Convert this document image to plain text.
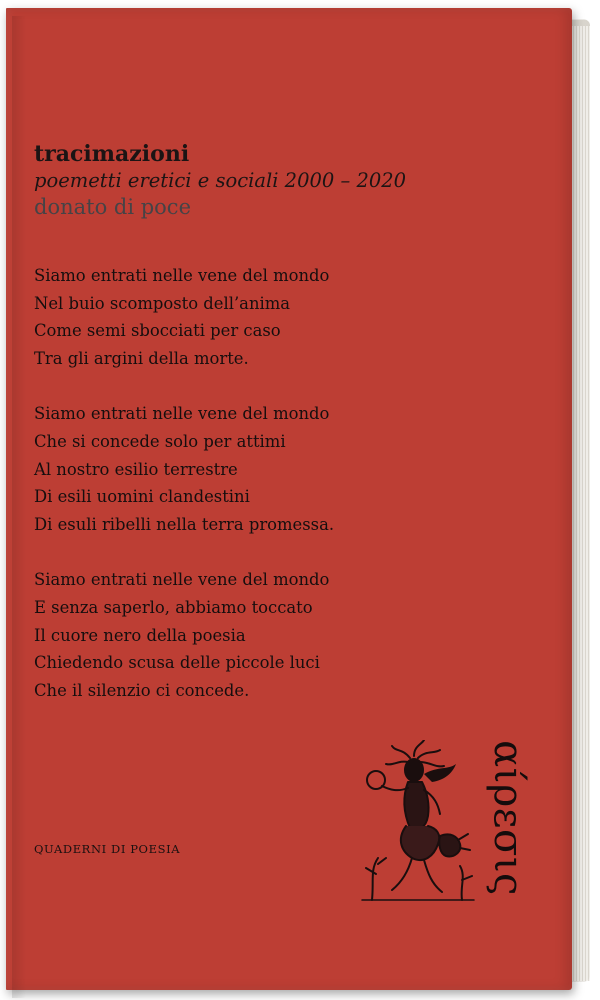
tracimazioni

poemetti eretici e sociali 2000 – 2020

donato di poce

Siamo entrati nelle vene del mondo
Nel buio scomposto dell’anima
Come semi sbocciati per caso
Tra gli argini della morte.
Siamo entrati nelle vene del mondo
Che si concede solo per attimi
Al nostro esilio terrestre
Di esili uomini clandestini
Di esuli ribelli nella terra promessa.
Siamo entrati nelle vene del mondo
E senza saperlo, abbiamo toccato
Il cuore nero della poesia
Chiedendo scusa delle piccole luci
Che il silenzio ci concede.
QUADERNI DI POESIA	αίρεσις
